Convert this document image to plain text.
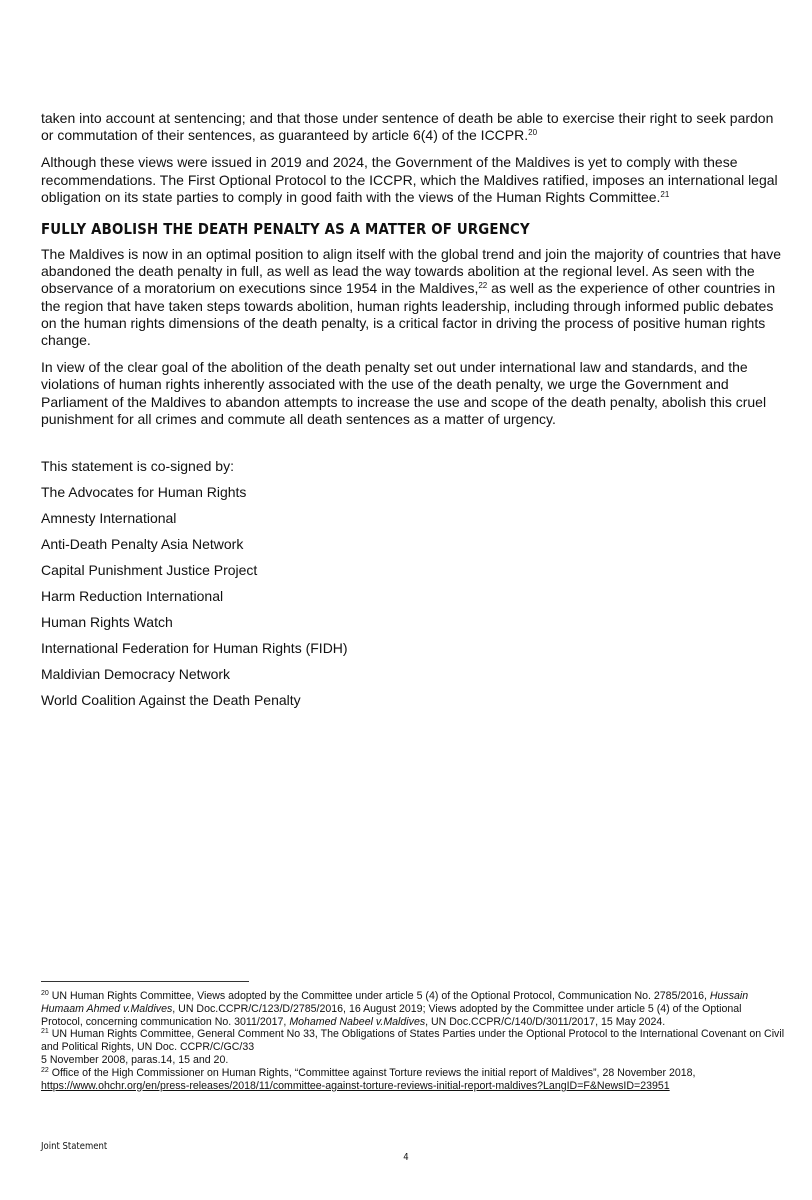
taken into account at sentencing; and that those under sentence of death be able to exercise their right to seek pardon or commutation of their sentences, as guaranteed by article 6(4) of the ICCPR.$^{20}$

Although these views were issued in 2019 and 2024, the Government of the Maldives is yet to comply with these recommendations. The First Optional Protocol to the ICCPR, which the Maldives ratified, imposes an international legal obligation on its state parties to comply in good faith with the views of the Human Rights Committee.$^{21}$

FULLY ABOLISH THE DEATH PENALTY AS A MATTER OF URGENCY

The Maldives is now in an optimal position to align itself with the global trend and join the majority of countries that have abandoned the death penalty in full, as well as lead the way towards abolition at the regional level. As seen with the observance of a moratorium on executions since 1954 in the Maldives,$^{22}$ as well as the experience of other countries in the region that have taken steps towards abolition, human rights leadership, including through informed public debates on the human rights dimensions of the death penalty, is a critical factor in driving the process of positive human rights change.

In view of the clear goal of the abolition of the death penalty set out under international law and standards, and the violations of human rights inherently associated with the use of the death penalty, we urge the Government and Parliament of the Maldives to abandon attempts to increase the use and scope of the death penalty, abolish this cruel punishment for all crimes and commute all death sentences as a matter of urgency.

This statement is co-signed by:

The Advocates for Human Rights

Amnesty International

Anti-Death Penalty Asia Network

Capital Punishment Justice Project

Harm Reduction International

Human Rights Watch

International Federation for Human Rights (FIDH)

Maldivian Democracy Network

World Coalition Against the Death Penalty

$^{20}$ UN Human Rights Committee, Views adopted by the Committee under article 5 (4) of the Optional Protocol, Communication No. 2785/2016, Hussain Humaam Ahmed v.Maldives, UN Doc.CCPR/C/123/D/2785/2016, 16 August 2019; Views adopted by the Committee under article 5 (4) of the Optional Protocol, concerning communication No. 3011/2017, Mohamed Nabeel v.Maldives, UN Doc.CCPR/C/140/D/3011/2017, 15 May 2024.

$^{21}$ UN Human Rights Committee, General Comment No 33, The Obligations of States Parties under the Optional Protocol to the International Covenant on Civil and Political Rights, UN Doc. CCPR/C/GC/33
5 November 2008, paras.14, 15 and 20.

$^{22}$ Office of the High Commissioner on Human Rights, “Committee against Torture reviews the initial report of Maldives”, 28 November 2018,
https://www.ohchr.org/en/press-releases/2018/11/committee-against-torture-reviews-initial-report-maldives?LangID=F&NewsID=23951

Joint Statement
4
